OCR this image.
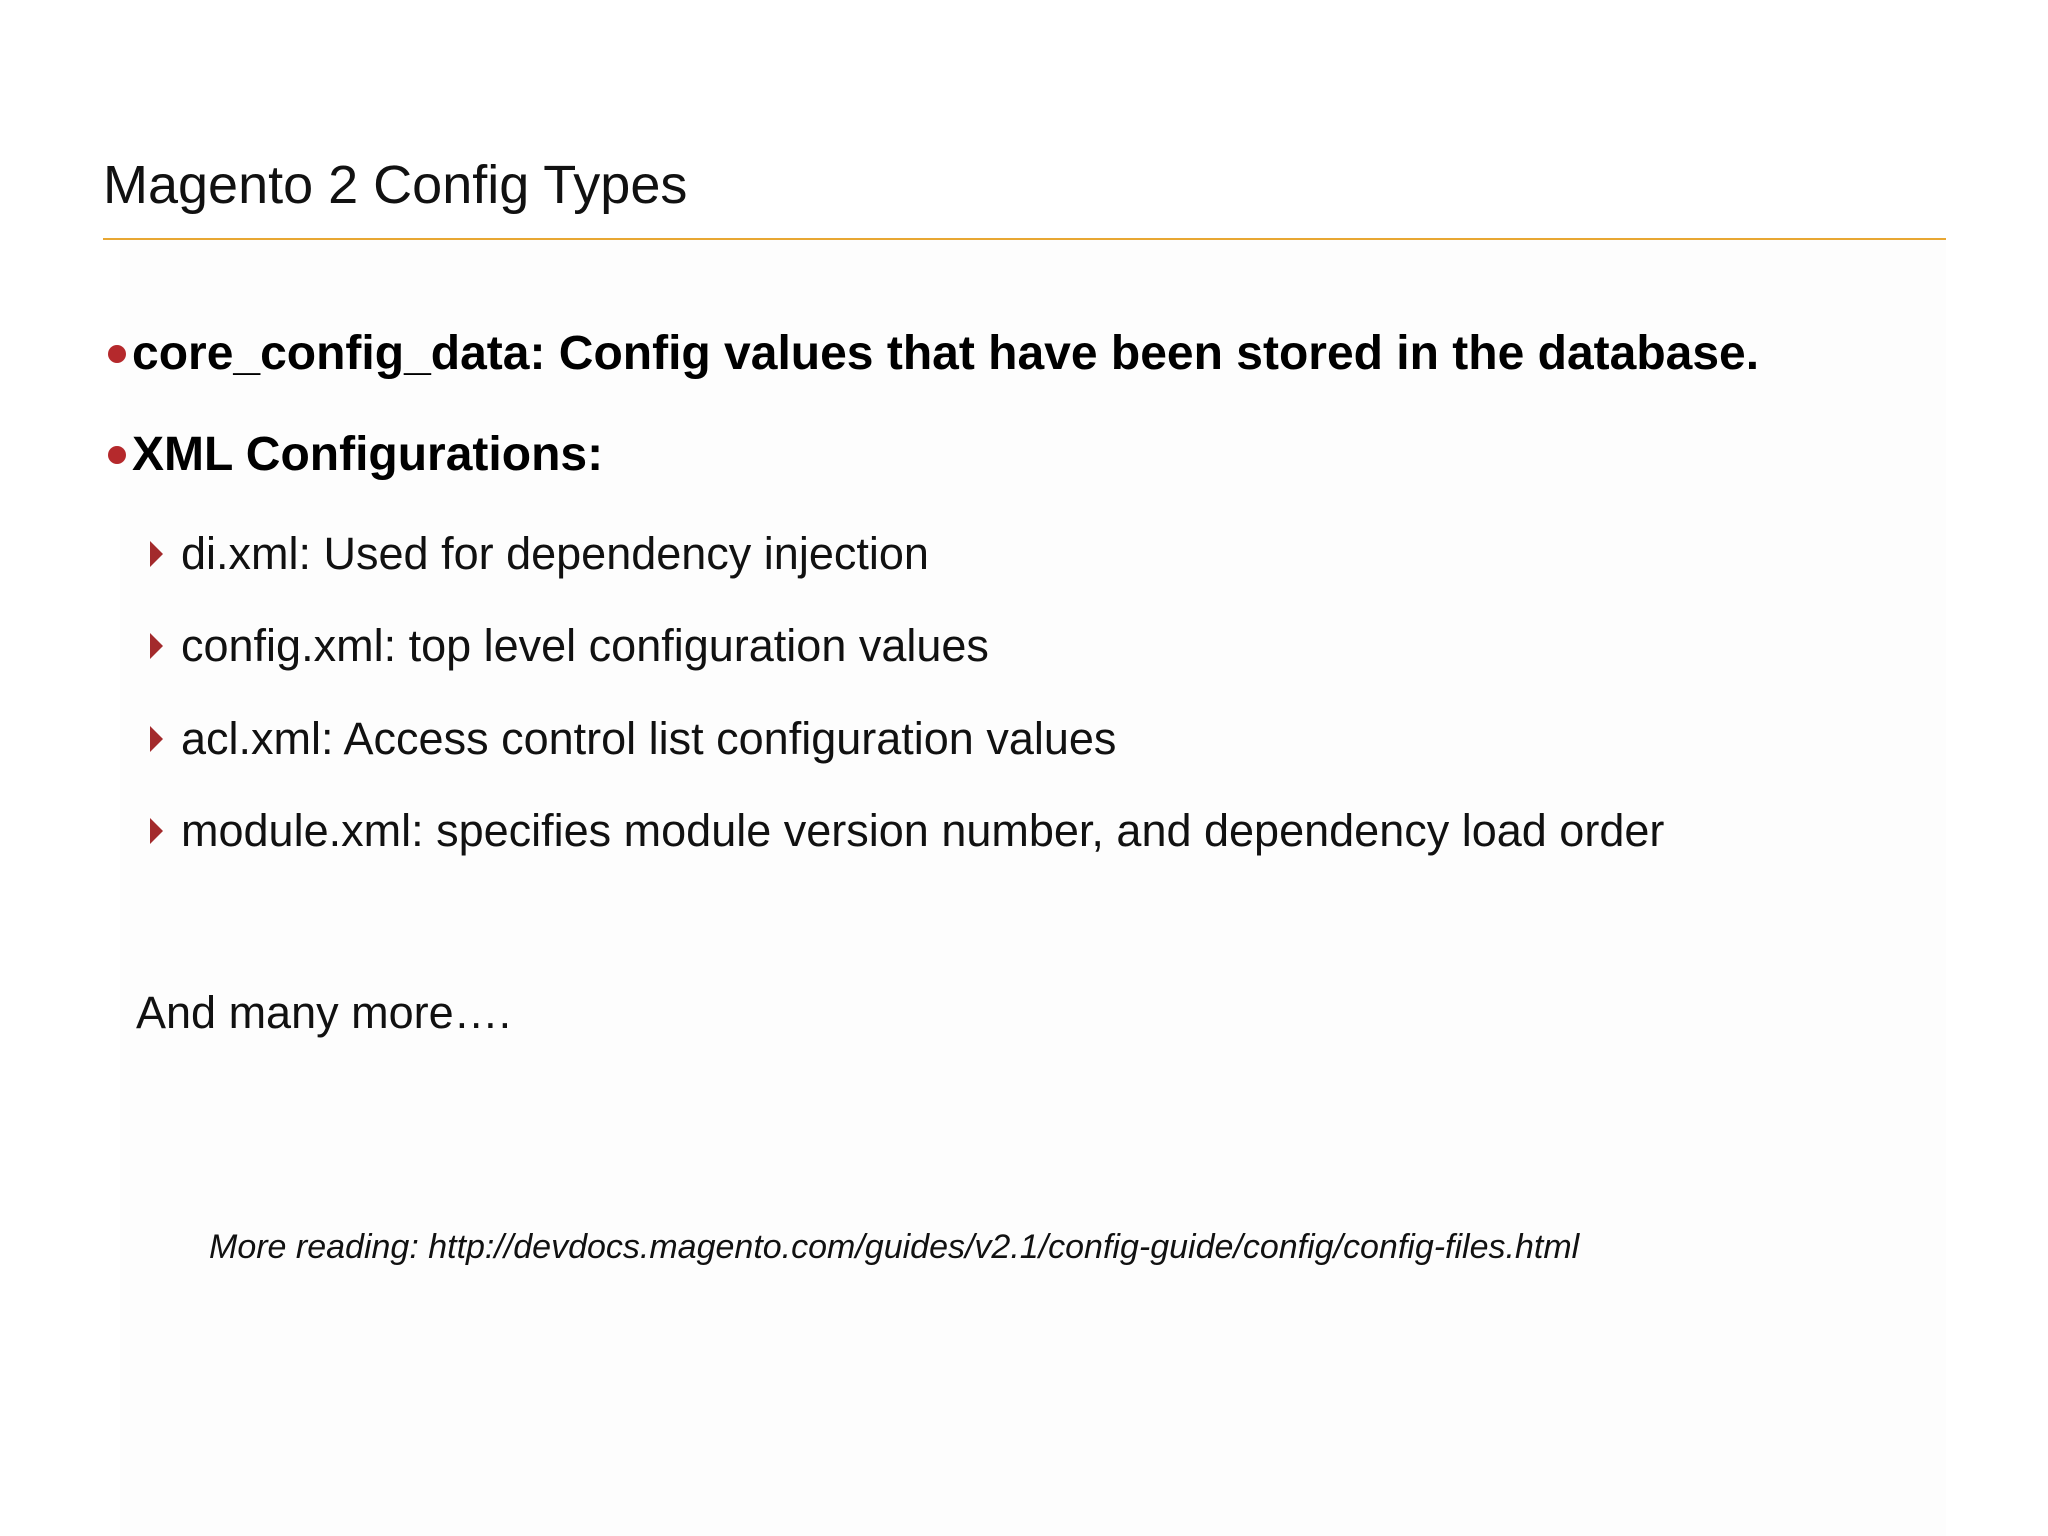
Magento 2 Config Types
core_config_data: Config values that have been stored in the database.
XML Configurations:
di.xml: Used for dependency injection
config.xml: top level configuration values
acl.xml: Access control list configuration values
module.xml: specifies module version number, and dependency load order
And many more….
More reading: http://devdocs.magento.com/guides/v2.1/config-guide/config/config-files.html
